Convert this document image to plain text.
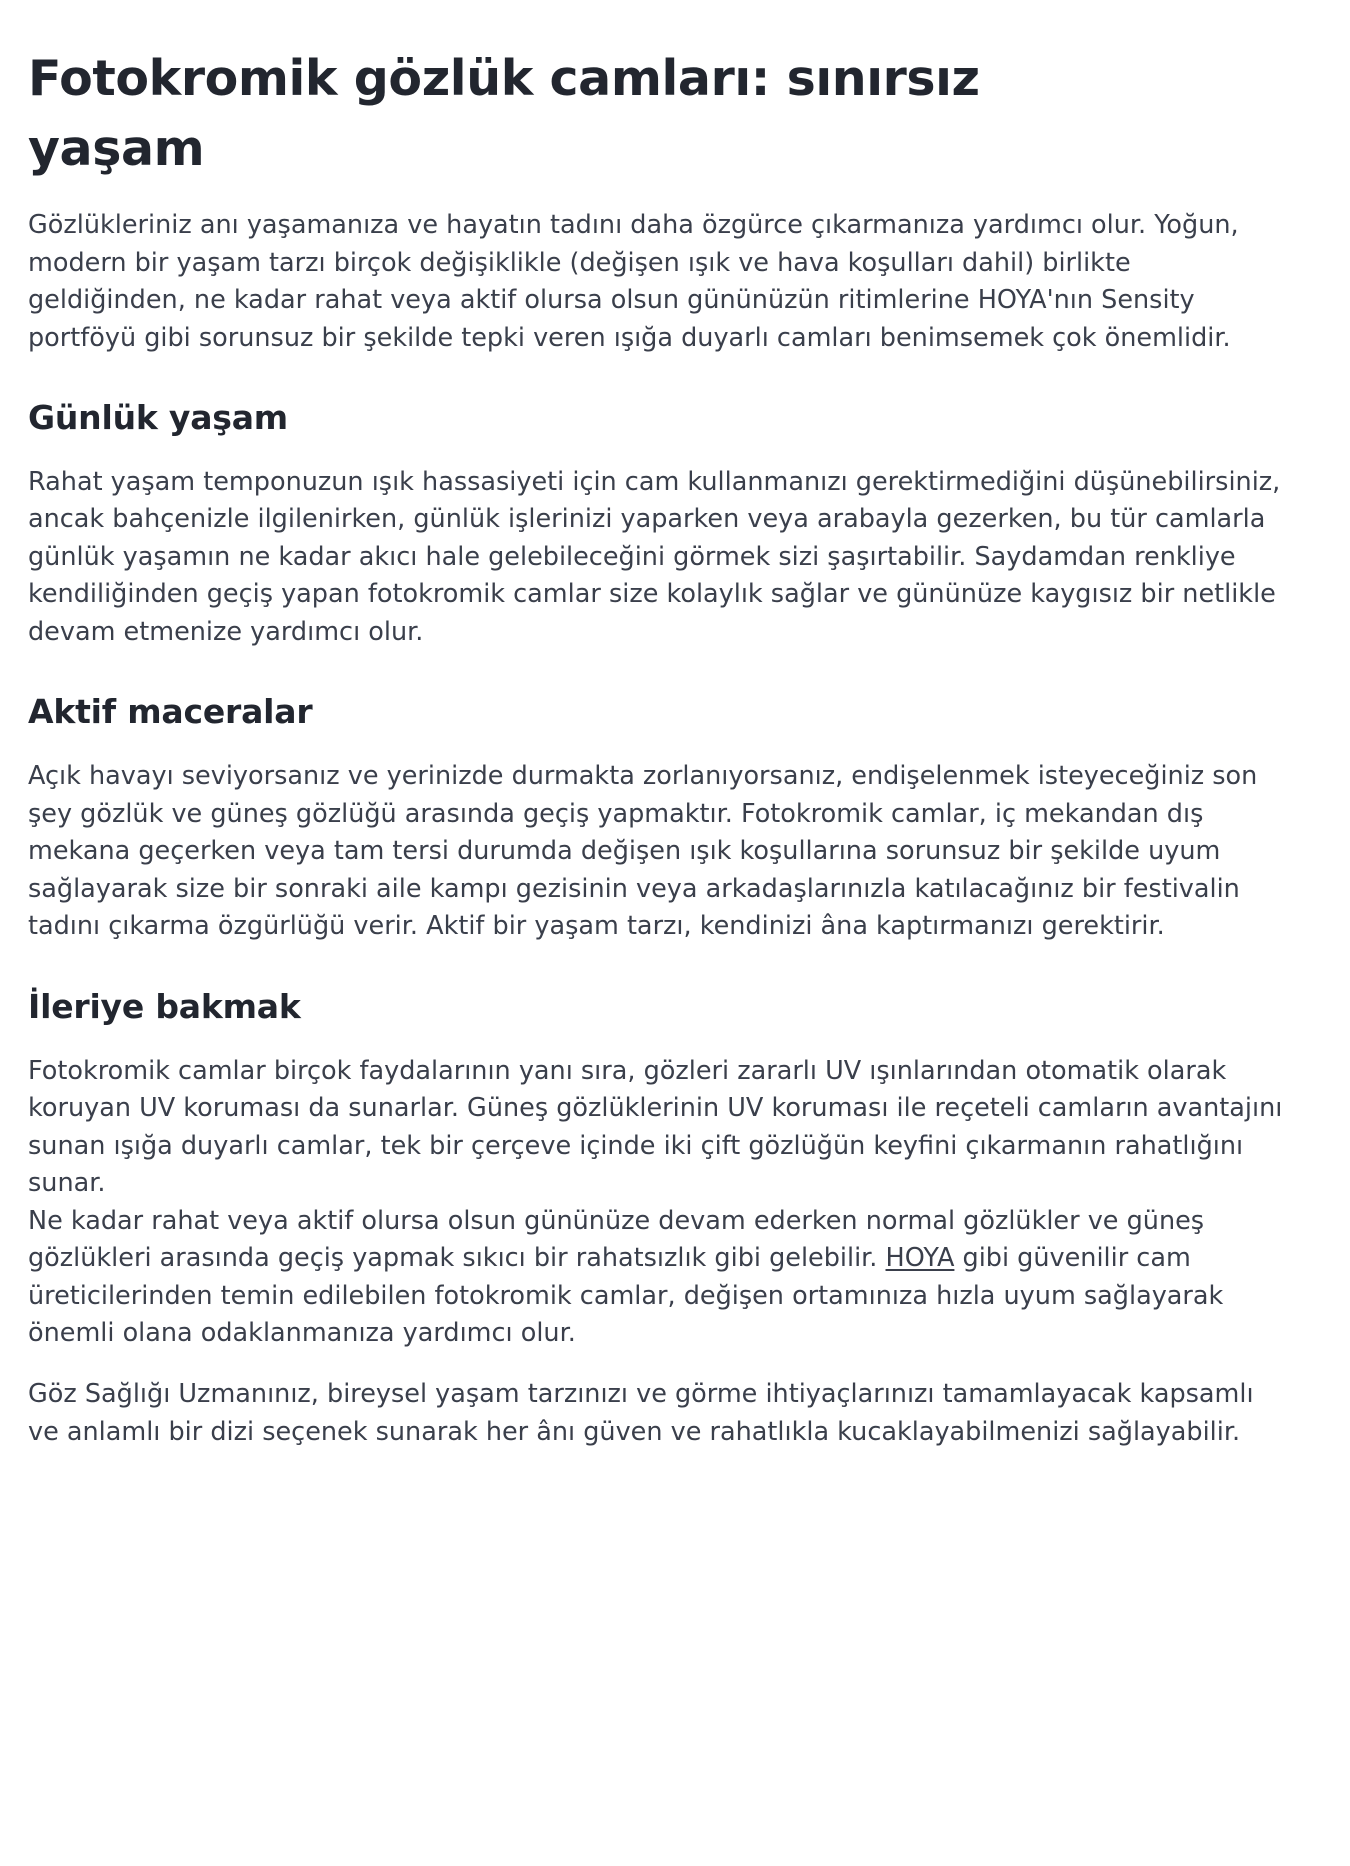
Fotokromik gözlük camları: sınırsız yaşam

Gözlükleriniz anı yaşamanıza ve hayatın tadını daha özgürce çıkarmanıza yardımcı olur. Yoğun, modern bir yaşam tarzı birçok değişiklikle (değişen ışık ve hava koşulları dahil) birlikte geldiğinden, ne kadar rahat veya aktif olursa olsun gününüzün ritimlerine HOYA'nın Sensity portföyü gibi sorunsuz bir şekilde tepki veren ışığa duyarlı camları benimsemek çok önemlidir.

Günlük yaşam

Rahat yaşam temponuzun ışık hassasiyeti için cam kullanmanızı gerektirmediğini düşünebilirsiniz, ancak bahçenizle ilgilenirken, günlük işlerinizi yaparken veya arabayla gezerken, bu tür camlarla günlük yaşamın ne kadar akıcı hale gelebileceğini görmek sizi şaşırtabilir. Saydamdan renkliye kendiliğinden geçiş yapan fotokromik camlar size kolaylık sağlar ve gününüze kaygısız bir netlikle devam etmenize yardımcı olur.

Aktif maceralar

Açık havayı seviyorsanız ve yerinizde durmakta zorlanıyorsanız, endişelenmek isteyeceğiniz son şey gözlük ve güneş gözlüğü arasında geçiş yapmaktır. Fotokromik camlar, iç mekandan dış mekana geçerken veya tam tersi durumda değişen ışık koşullarına sorunsuz bir şekilde uyum sağlayarak size bir sonraki aile kampı gezisinin veya arkadaşlarınızla katılacağınız bir festivalin tadını çıkarma özgürlüğü verir. Aktif bir yaşam tarzı, kendinizi âna kaptırmanızı gerektirir.

İleriye bakmak

Fotokromik camlar birçok faydalarının yanı sıra, gözleri zararlı UV ışınlarından otomatik olarak koruyan UV koruması da sunarlar. Güneş gözlüklerinin UV koruması ile reçeteli camların avantajını sunan ışığa duyarlı camlar, tek bir çerçeve içinde iki çift gözlüğün keyfini çıkarmanın rahatlığını sunar.

Ne kadar rahat veya aktif olursa olsun gününüze devam ederken normal gözlükler ve güneş gözlükleri arasında geçiş yapmak sıkıcı bir rahatsızlık gibi gelebilir. HOYA gibi güvenilir cam üreticilerinden temin edilebilen fotokromik camlar, değişen ortamınıza hızla uyum sağlayarak önemli olana odaklanmanıza yardımcı olur.

Göz Sağlığı Uzmanınız, bireysel yaşam tarzınızı ve görme ihtiyaçlarınızı tamamlayacak kapsamlı ve anlamlı bir dizi seçenek sunarak her ânı güven ve rahatlıkla kucaklayabilmenizi sağlayabilir.
